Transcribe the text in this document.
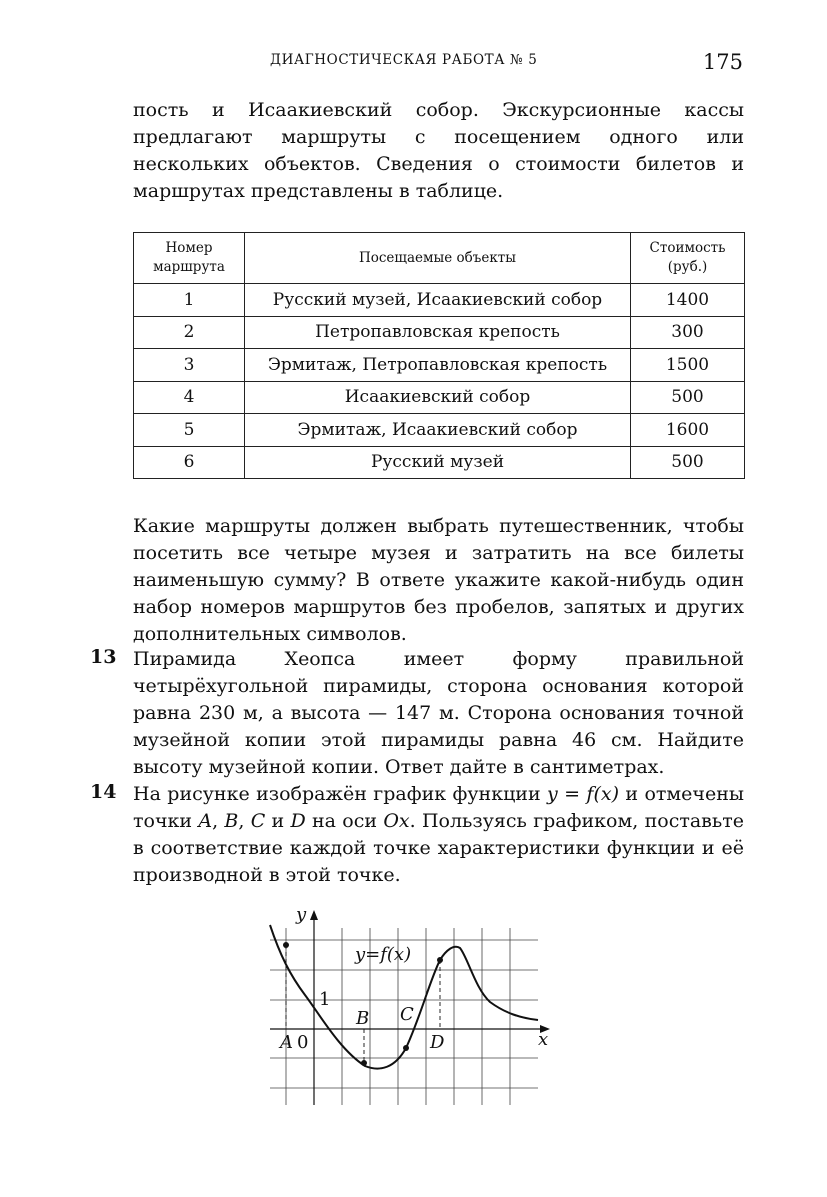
ДИАГНОСТИЧЕСКАЯ РАБОТА № 5	175

пость и Исаакиевский собор. Экскурсионные кассы предлагают маршруты с посещением одного или нескольких объектов. Сведения о стоимости билетов и маршрутах представлены в таблице.

Номер маршрута	Посещаемые объекты	Стоимость (руб.)
1	Русский музей, Исаакиевский собор	1400
2	Петропавловская крепость	300
3	Эрмитаж, Петропавловская крепость	1500
4	Исаакиевский собор	500
5	Эрмитаж, Исаакиевский собор	1600
6	Русский музей	500

Какие маршруты должен выбрать путешественник, чтобы посетить все четыре музея и затратить на все билеты наименьшую сумму? В ответе укажите какой-нибудь один набор номеров маршрутов без пробелов, запятых и других дополнительных символов.

13 Пирамида Хеопса имеет форму правильной четырёхугольной пирамиды, сторона основания которой равна 230 м, а высота — 147 м. Сторона основания точной музейной копии этой пирамиды равна 46 см. Найдите высоту музейной копии. Ответ дайте в сантиметрах.

14 На рисунке изображён график функции y = f(x) и отмечены точки A, B, C и D на оси Ox. Пользуясь графиком, поставьте в соответствие каждой точке характеристики функции и её производной в этой точке.

y
x
y=f(x)
1
0
A
B C
D
